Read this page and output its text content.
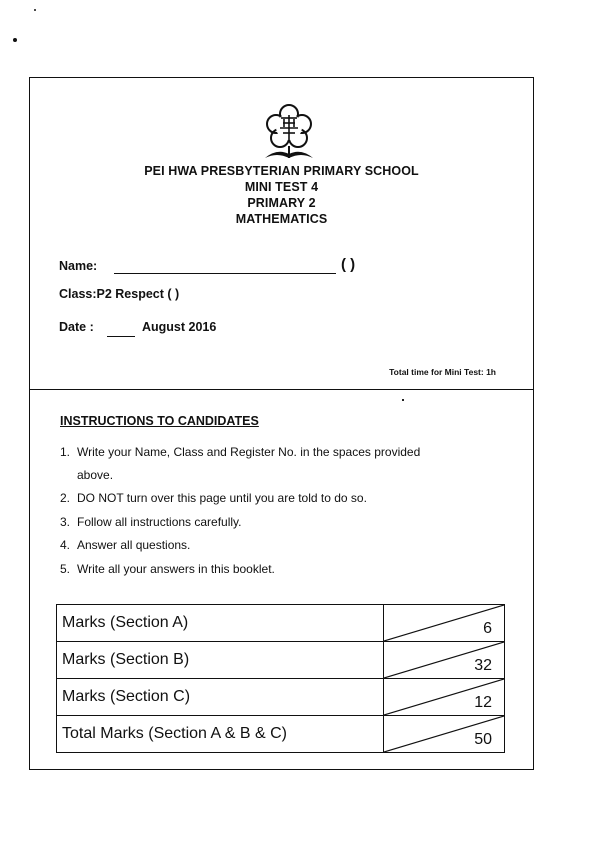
PEI HWA PRESBYTERIAN PRIMARY SCHOOL
MINI TEST 4
PRIMARY 2
MATHEMATICS
Name:	( )
Class:P2 Respect ( )
Date :	August 2016
Total time for Mini Test: 1h
INSTRUCTIONS TO CANDIDATES
1. Write your Name, Class and Register No. in the spaces provided
above.
2. DO NOT turn over this page until you are told to do so.
3. Follow all instructions carefully.
4. Answer all questions.
5. Write all your answers in this booklet.
Marks (Section A)	6

Marks (Section B)	32

Marks (Section C)	12

Total Marks (Section A & B & C)	50
